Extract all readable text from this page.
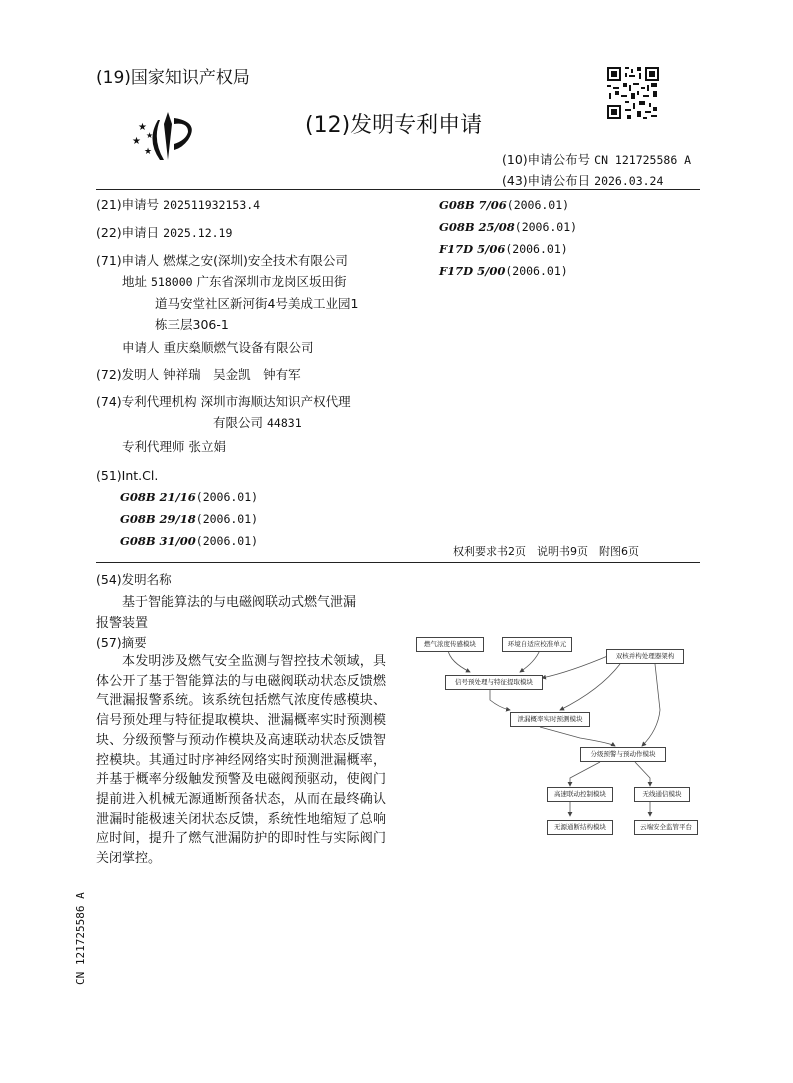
(19)国家知识产权局
★
★
★
★	(12)发明专利申请
(10)申请公布号 CN 121725586 A
(43)申请公布日 2026.03.24
(21)申请号 202511932153.4
(22)申请日 2025.12.19
(71)申请人 燃煤之安(深圳)安全技术有限公司
地址 518000 广东省深圳市龙岗区坂田街
道马安堂社区新河街4号美成工业园1
栋三层306-1
申请人 重庆燊顺燃气设备有限公司
(72)发明人 钟祥瑞　吴金凯　钟有军
(74)专利代理机构 深圳市海顺达知识产权代理
有限公司 44831
专利代理师 张立娟
(51)Int.Cl.
G08B 21/16(2006.01)
G08B 29/18(2006.01)
G08B 31/00(2006.01)
G08B 7/06(2006.01)
G08B 25/08(2006.01)
F17D 5/06(2006.01)
F17D 5/00(2006.01)
权利要求书2页　说明书9页　附图6页
(54)发明名称
基于智能算法的与电磁阀联动式燃气泄漏
报警装置
(57)摘要
本发明涉及燃气安全监测与智控技术领域，具体公开了基于智能算法的与电磁阀联动状态反馈燃气泄漏报警系统。该系统包括燃气浓度传感模块、信号预处理与特征提取模块、泄漏概率实时预测模块、分级预警与预动作模块及高速联动状态反馈智控模块。其通过时序神经网络实时预测泄漏概率，并基于概率分级触发预警及电磁阀预驱动，使阀门提前进入机械无源通断预备状态，从而在最终确认泄漏时能极速关闭状态反馈，系统性地缩短了总响应时间，提升了燃气泄漏防护的即时性与实际阀门关闭掌控。
燃气浓度传感模块	环境自适应校准单元
双核并构处理器架构
信号预处理与特征提取模块
泄漏概率实时预测模块
分级预警与预动作模块
高速联动控制模块	无线通信模块
无源通断结构模块	云端安全监管平台
CN 121725586 A
